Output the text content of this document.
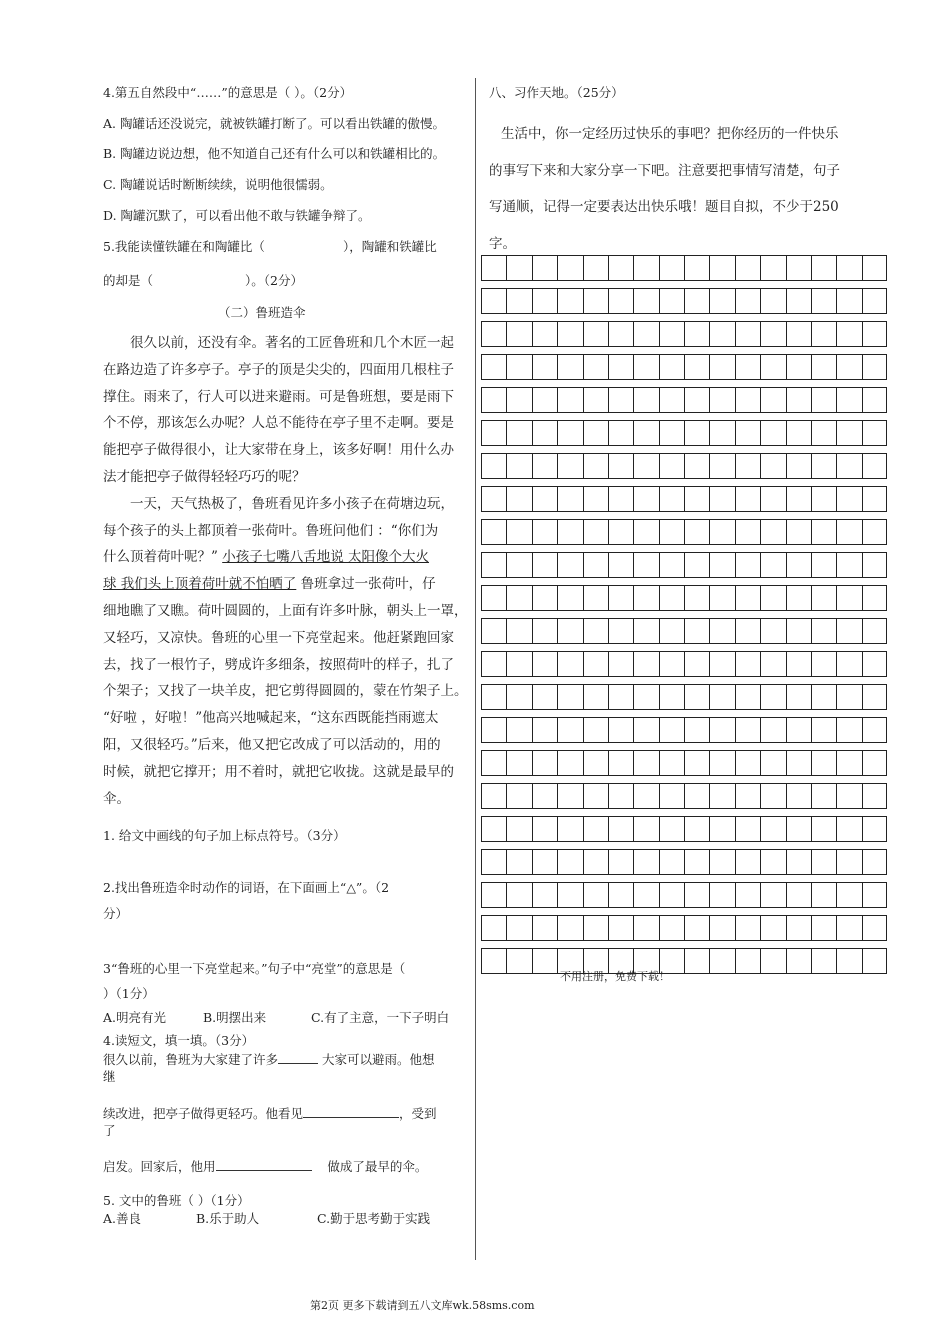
4.第五自然段中“……”的意思是（ ）。（2分）
A. 陶罐话还没说完，就被铁罐打断了。可以看出铁罐的傲慢。
B. 陶罐边说边想，他不知道自己还有什么可以和铁罐相比的。
C. 陶罐说话时断断续续，说明他很懦弱。
D. 陶罐沉默了，可以看出他不敢与铁罐争辩了。
5.我能读懂铁罐在和陶罐比（	），陶罐和铁罐比
的却是（	）。（2分）
（二）鲁班造伞
很久以前，还没有伞。著名的工匠鲁班和几个木匠一起
在路边造了许多亭子。亭子的顶是尖尖的，四面用几根柱子
撑住。雨来了，行人可以进来避雨。可是鲁班想，要是雨下
个不停，那该怎么办呢？人总不能待在亭子里不走啊。要是
能把亭子做得很小，让大家带在身上，该多好啊！用什么办
法才能把亭子做得轻轻巧巧的呢？
一天，天气热极了，鲁班看见许多小孩子在荷塘边玩，
每个孩子的头上都顶着一张荷叶。鲁班问他们 ：“你们为
什么顶着荷叶呢？” 小孩子七嘴八舌地说 太阳像个大火
球 我们头上顶着荷叶就不怕晒了 鲁班拿过一张荷叶，仔
细地瞧了又瞧。荷叶圆圆的，上面有许多叶脉，朝头上一罩，
又轻巧，又凉快。鲁班的心里一下亮堂起来。他赶紧跑回家
去，找了一根竹子，劈成许多细条，按照荷叶的样子，扎了
个架子；又找了一块羊皮，把它剪得圆圆的，蒙在竹架子上。
“好啦 ，好啦！”他高兴地喊起来，“这东西既能挡雨遮太
阳，又很轻巧。”后来，他又把它改成了可以活动的，用的
时候，就把它撑开；用不着时，就把它收拢。这就是最早的
伞。
1. 给文中画线的句子加上标点符号。（3分）
2.找出鲁班造伞时动作的词语，在下面画上“△”。（2
分）
3“鲁班的心里一下亮堂起来。”句子中“亮堂”的意思是（
）（1分）
A.明亮有光	B.明摆出来	C.有了主意，一下子明白
4.读短文，填一填。（3分）
很久以前，鲁班为大家建了许多	大家可以避雨。他想
继
续改进，把亭子做得更轻巧。他看见	，受到
了
启发。回家后，他用	做成了最早的伞。
5. 文中的鲁班（ ）（1分）
A.善良	B.乐于助人	C.勤于思考勤于实践
八、习作天地。（25分）
生活中，你一定经历过快乐的事吧？把你经历的一件快乐
的事写下来和大家分享一下吧。注意要把事情写清楚，句子
写通顺，记得一定要表达出快乐哦！题目自拟，不少于250
字。
不用注册，免费下载！
第2页 更多下载请到五八文库wk.58sms.com
